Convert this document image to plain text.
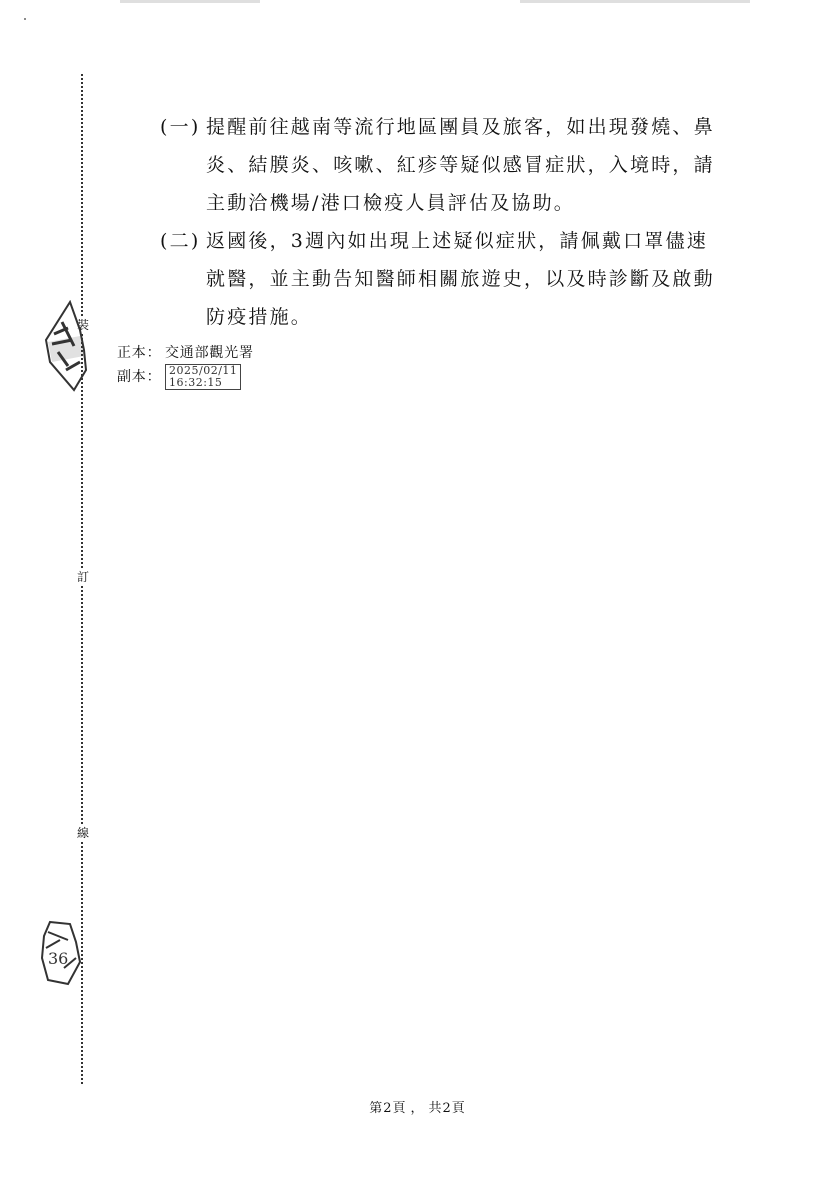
裝
訂
線
36
(一) 提醒前往越南等流行地區團員及旅客，如出現發燒、鼻
炎、結膜炎、咳嗽、紅疹等疑似感冒症狀，入境時，請
主動洽機場/港口檢疫人員評估及協助。
(二) 返國後，3週內如出現上述疑似症狀，請佩戴口罩儘速
就醫，並主動告知醫師相關旅遊史，以及時診斷及啟動
防疫措施。
正本： 交通部觀光署
副本： 2025/02/11
16:32:15
第2頁 ， 共2頁
